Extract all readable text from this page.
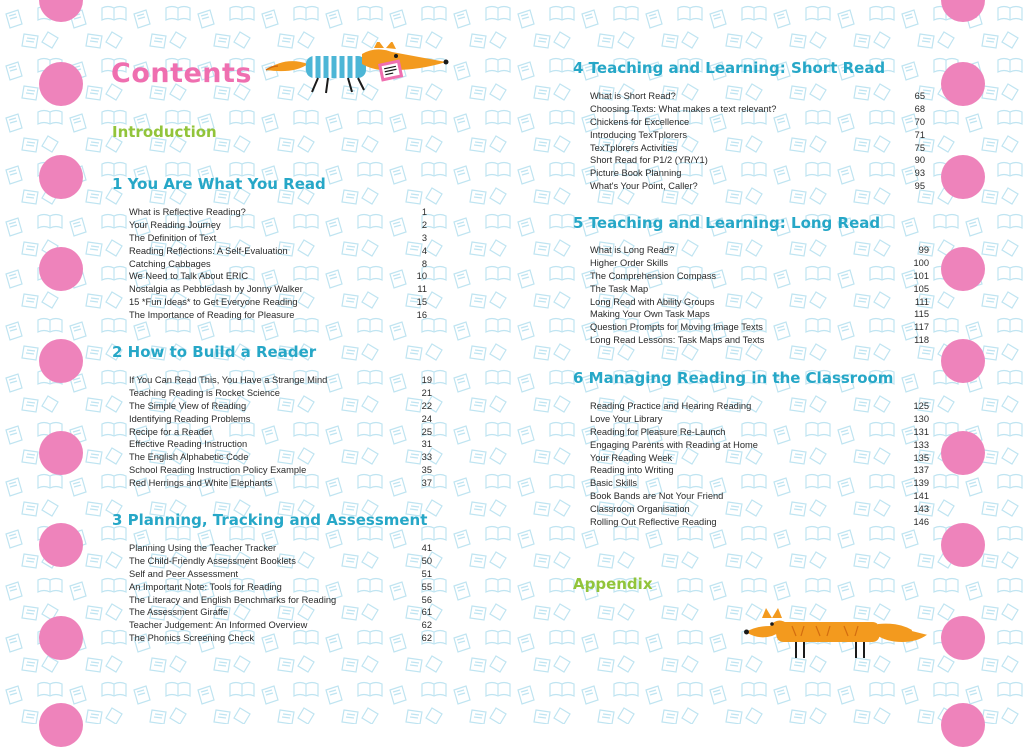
Contents
Introduction
1 You Are What You Read
What is Reflective Reading?	1
Your Reading Journey	2
The Definition of Text	3
Reading Reflections: A Self-Evaluation	4
Catching Cabbages	8
We Need to Talk About ERIC	10
Nostalgia as Pebbledash by Jonny Walker	11
15 *Fun Ideas* to Get Everyone Reading	15
The Importance of Reading for Pleasure	16
2 How to Build a Reader
If You Can Read This, You Have a Strange Mind	19
Teaching Reading is Rocket Science	21
The Simple View of Reading	22
Identifying Reading Problems	24
Recipe for a Reader	25
Effective Reading Instruction	31
The English Alphabetic Code	33
School Reading Instruction Policy Example	35
Red Herrings and White Elephants	37
3 Planning, Tracking and Assessment
Planning Using the Teacher Tracker	41
The Child-Friendly Assessment Booklets	50
Self and Peer Assessment	51
An Important Note: Tools for Reading	55
The Literacy and English Benchmarks for Reading	56
The Assessment Giraffe	61
Teacher Judgement: An Informed Overview	62
The Phonics Screening Check	62
4 Teaching and Learning: Short Read
What is Short Read?	65
Choosing Texts: What makes a text relevant?	68
Chickens for Excellence	70
Introducing TexTplorers	71
TexTplorers Activities	75
Short Read for P1/2 (YR/Y1)	90
Picture Book Planning	93
What's Your Point, Caller?	95
5 Teaching and Learning: Long Read
What is Long Read?	99
Higher Order Skills	100
The Comprehension Compass	101
The Task Map	105
Long Read with Ability Groups	111
Making Your Own Task Maps	115
Question Prompts for Moving Image Texts	117
Long Read Lessons: Task Maps and Texts	118
6 Managing Reading in the Classroom
Reading Practice and Hearing Reading	125
Love Your Library	130
Reading for Pleasure Re-Launch	131
Engaging Parents with Reading at Home	133
Your Reading Week	135
Reading into Writing	137
Basic Skills	139
Book Bands are Not Your Friend	141
Classroom Organisation	143
Rolling Out Reflective Reading	146
Appendix
